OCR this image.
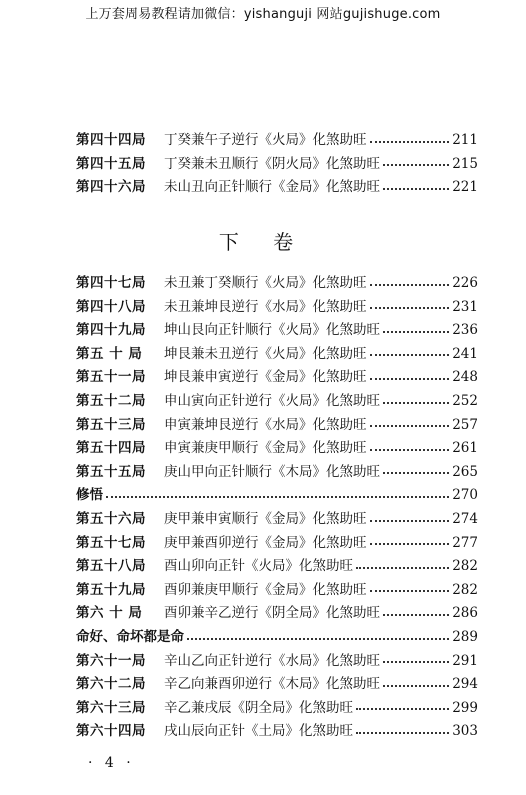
上万套周易教程请加微信：yishanguji 网站gujishuge.com
第四十四局	丁癸兼午子逆行《火局》化煞助旺	211
第四十五局	丁癸兼未丑顺行《阴火局》化煞助旺	215
第四十六局	未山丑向正针顺行《金局》化煞助旺	221
下 卷
第四十七局	未丑兼丁癸顺行《火局》化煞助旺	226
第四十八局	未丑兼坤艮逆行《水局》化煞助旺	231
第四十九局	坤山艮向正针顺行《火局》化煞助旺	236
第五 十 局	坤艮兼未丑逆行《火局》化煞助旺	241
第五十一局	坤艮兼申寅逆行《金局》化煞助旺	248
第五十二局	申山寅向正针逆行《火局》化煞助旺	252
第五十三局	申寅兼坤艮逆行《水局》化煞助旺	257
第五十四局	申寅兼庚甲顺行《金局》化煞助旺	261
第五十五局	庚山甲向正针顺行《木局》化煞助旺	265
修悟	270
第五十六局	庚甲兼申寅顺行《金局》化煞助旺	274
第五十七局	庚甲兼酉卯逆行《金局》化煞助旺	277
第五十八局	酉山卯向正针《火局》化煞助旺	282
第五十九局	酉卯兼庚甲顺行《金局》化煞助旺	282
第六 十 局	酉卯兼辛乙逆行《阴全局》化煞助旺	286
命好、命坏都是命	289
第六十一局	辛山乙向正针逆行《水局》化煞助旺	291
第六十二局	辛乙向兼酉卯逆行《木局》化煞助旺	294
第六十三局	辛乙兼戌辰《阴全局》化煞助旺	299
第六十四局	戌山辰向正针《土局》化煞助旺	303
· 4 ·
